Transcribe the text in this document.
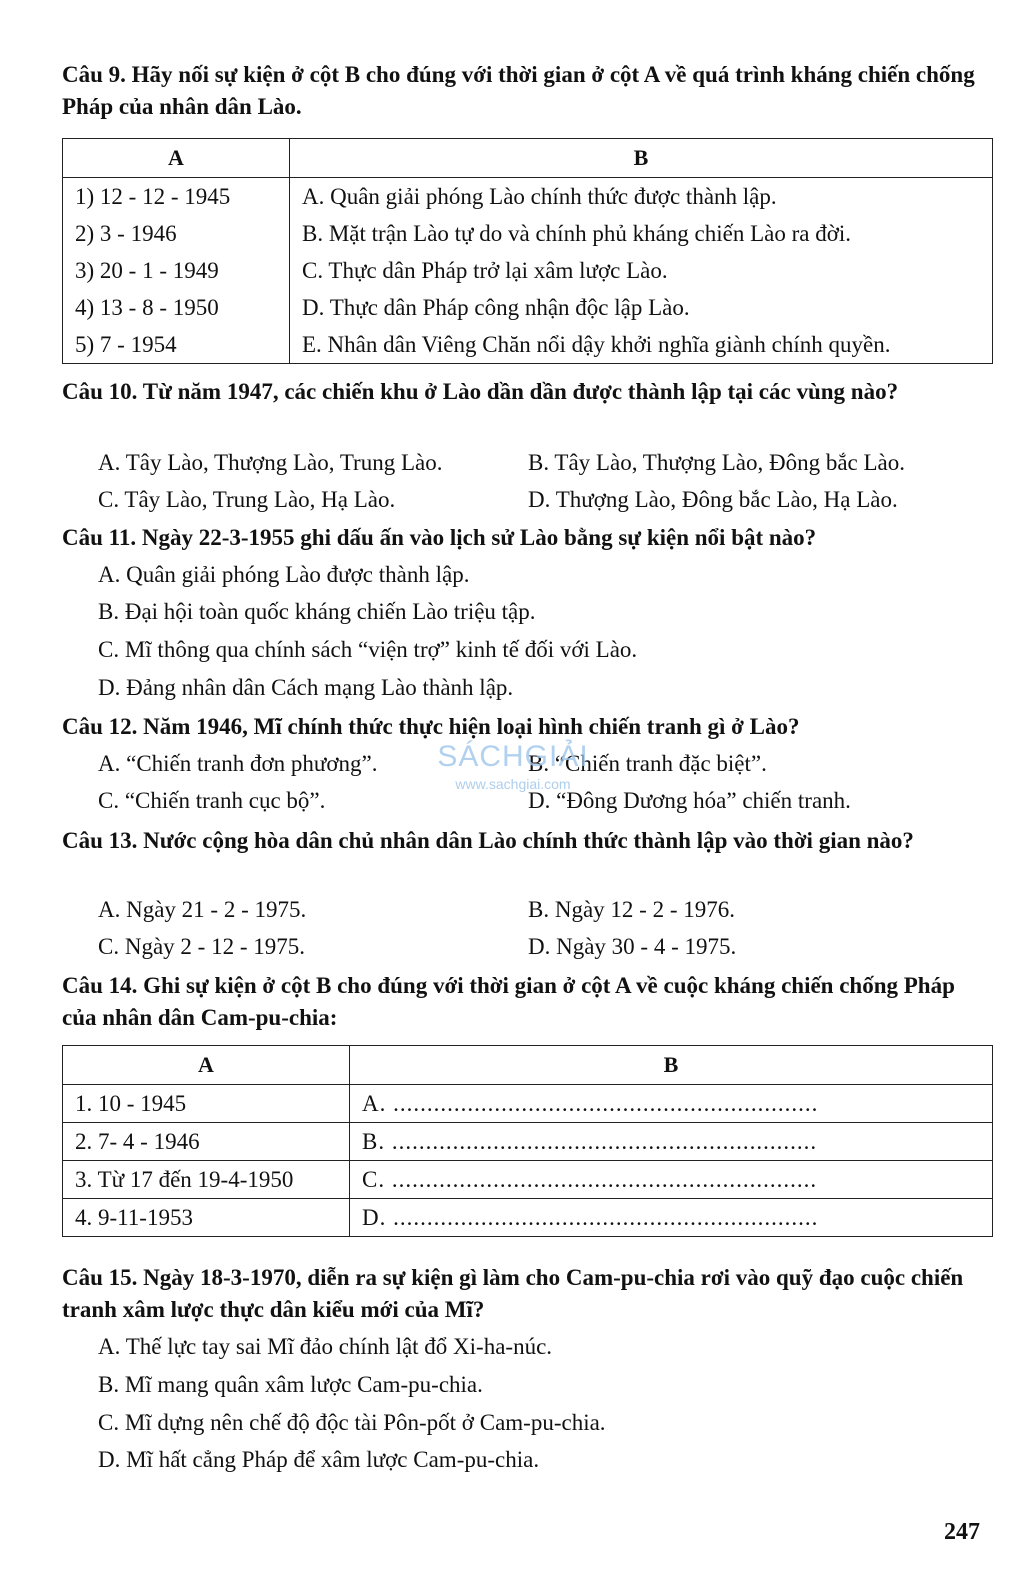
Câu 9. Hãy nối sự kiện ở cột B cho đúng với thời gian ở cột A về quá trình kháng chiến chống Pháp của nhân dân Lào.
A	B
1) 12 - 12 - 1945	A. Quân giải phóng Lào chính thức được thành lập.
2) 3 - 1946	B. Mặt trận Lào tự do và chính phủ kháng chiến Lào ra đời.
3) 20 - 1 - 1949	C. Thực dân Pháp trở lại xâm lược Lào.
4) 13 - 8 - 1950	D. Thực dân Pháp công nhận độc lập Lào.
5) 7 - 1954	E. Nhân dân Viêng Chăn nổi dậy khởi nghĩa giành chính quyền.
Câu 10. Từ năm 1947, các chiến khu ở Lào dần dần được thành lập tại các vùng nào?
A. Tây Lào, Thượng Lào, Trung Lào.	B. Tây Lào, Thượng Lào, Đông bắc Lào.
C. Tây Lào, Trung Lào, Hạ Lào.	D. Thượng Lào, Đông bắc Lào, Hạ Lào.
Câu 11. Ngày 22-3-1955 ghi dấu ấn vào lịch sử Lào bằng sự kiện nổi bật nào?
A. Quân giải phóng Lào được thành lập.
B. Đại hội toàn quốc kháng chiến Lào triệu tập.
C. Mĩ thông qua chính sách “viện trợ” kinh tế đối với Lào.
D. Đảng nhân dân Cách mạng Lào thành lập.
Câu 12. Năm 1946, Mĩ chính thức thực hiện loại hình chiến tranh gì ở Lào?
A. “Chiến tranh đơn phương”.	B. “Chiến tranh đặc biệt”.
C. “Chiến tranh cục bộ”.	D. “Đông Dương hóa” chiến tranh.
SÁCHGIẢI
www.sachgiai.com
Câu 13. Nước cộng hòa dân chủ nhân dân Lào chính thức thành lập vào thời gian nào?
A. Ngày 21 - 2 - 1975.	B. Ngày 12 - 2 - 1976.
C. Ngày 2 - 12 - 1975.	D. Ngày 30 - 4 - 1975.
Câu 14. Ghi sự kiện ở cột B cho đúng với thời gian ở cột A về cuộc kháng chiến chống Pháp của nhân dân Cam-pu-chia:
A	B
1. 10 - 1945	A. ...............................................................
2. 7- 4 - 1946	B. ...............................................................
3. Từ 17 đến 19-4-1950	C. ...............................................................
4. 9-11-1953	D. ...............................................................
Câu 15. Ngày 18-3-1970, diễn ra sự kiện gì làm cho Cam-pu-chia rơi vào quỹ đạo cuộc chiến tranh xâm lược thực dân kiểu mới của Mĩ?
A. Thế lực tay sai Mĩ đảo chính lật đổ Xi-ha-núc.
B. Mĩ mang quân xâm lược Cam-pu-chia.
C. Mĩ dựng nên chế độ độc tài Pôn-pốt ở Cam-pu-chia.
D. Mĩ hất cẳng Pháp để xâm lược Cam-pu-chia.
247
